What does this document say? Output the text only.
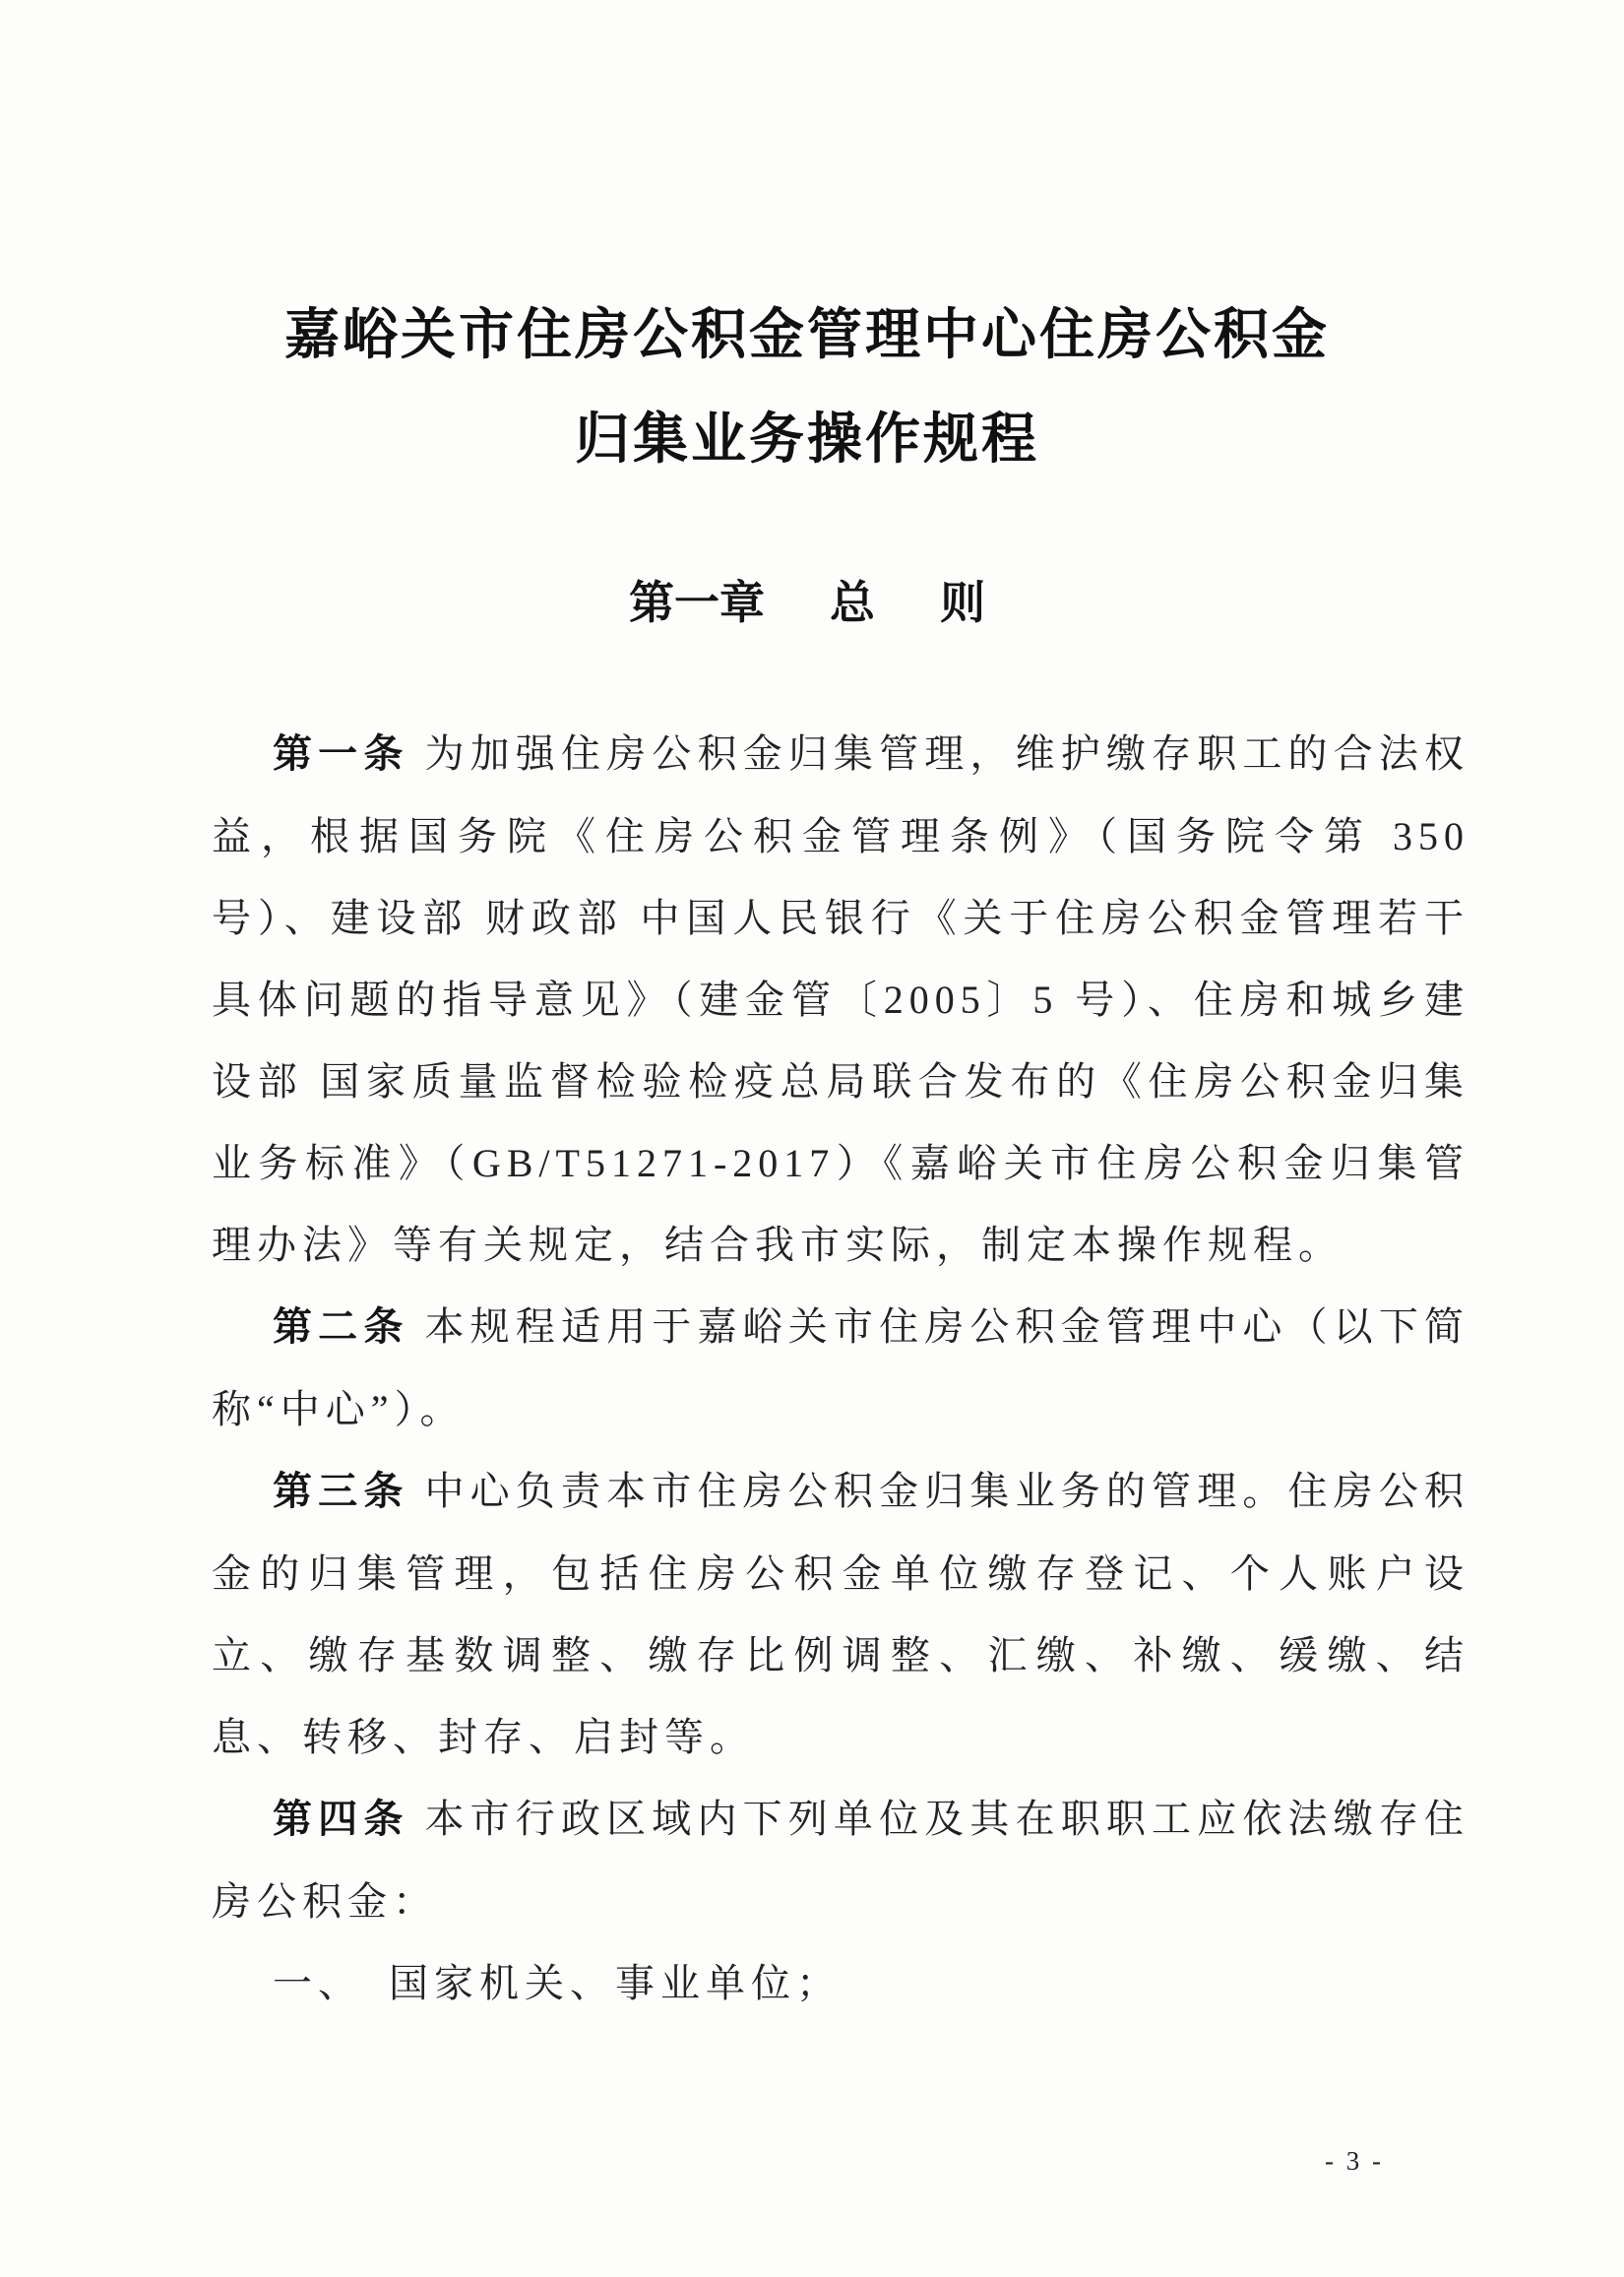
嘉峪关市住房公积金管理中心住房公积金
归集业务操作规程
第一章 总 则

第一条 为加强住房公积金归集管理，维护缴存职工的合法权益，根据国务院《住房公积金管理条例》（国务院令第 350 号）、建设部 财政部 中国人民银行《关于住房公积金管理若干具体问题的指导意见》（建金管〔2005〕5 号）、住房和城乡建设部 国家质量监督检验检疫总局联合发布的《住房公积金归集业务标准》（GB/T51271-2017）《嘉峪关市住房公积金归集管理办法》等有关规定，结合我市实际，制定本操作规程。

第二条 本规程适用于嘉峪关市住房公积金管理中心（以下简称“中心”）。

第三条 中心负责本市住房公积金归集业务的管理。住房公积金的归集管理，包括住房公积金单位缴存登记、个人账户设立、缴存基数调整、缴存比例调整、汇缴、补缴、缓缴、结息、转移、封存、启封等。

第四条 本市行政区域内下列单位及其在职职工应依法缴存住房公积金：

一、　国家机关、事业单位；

- 3 -
